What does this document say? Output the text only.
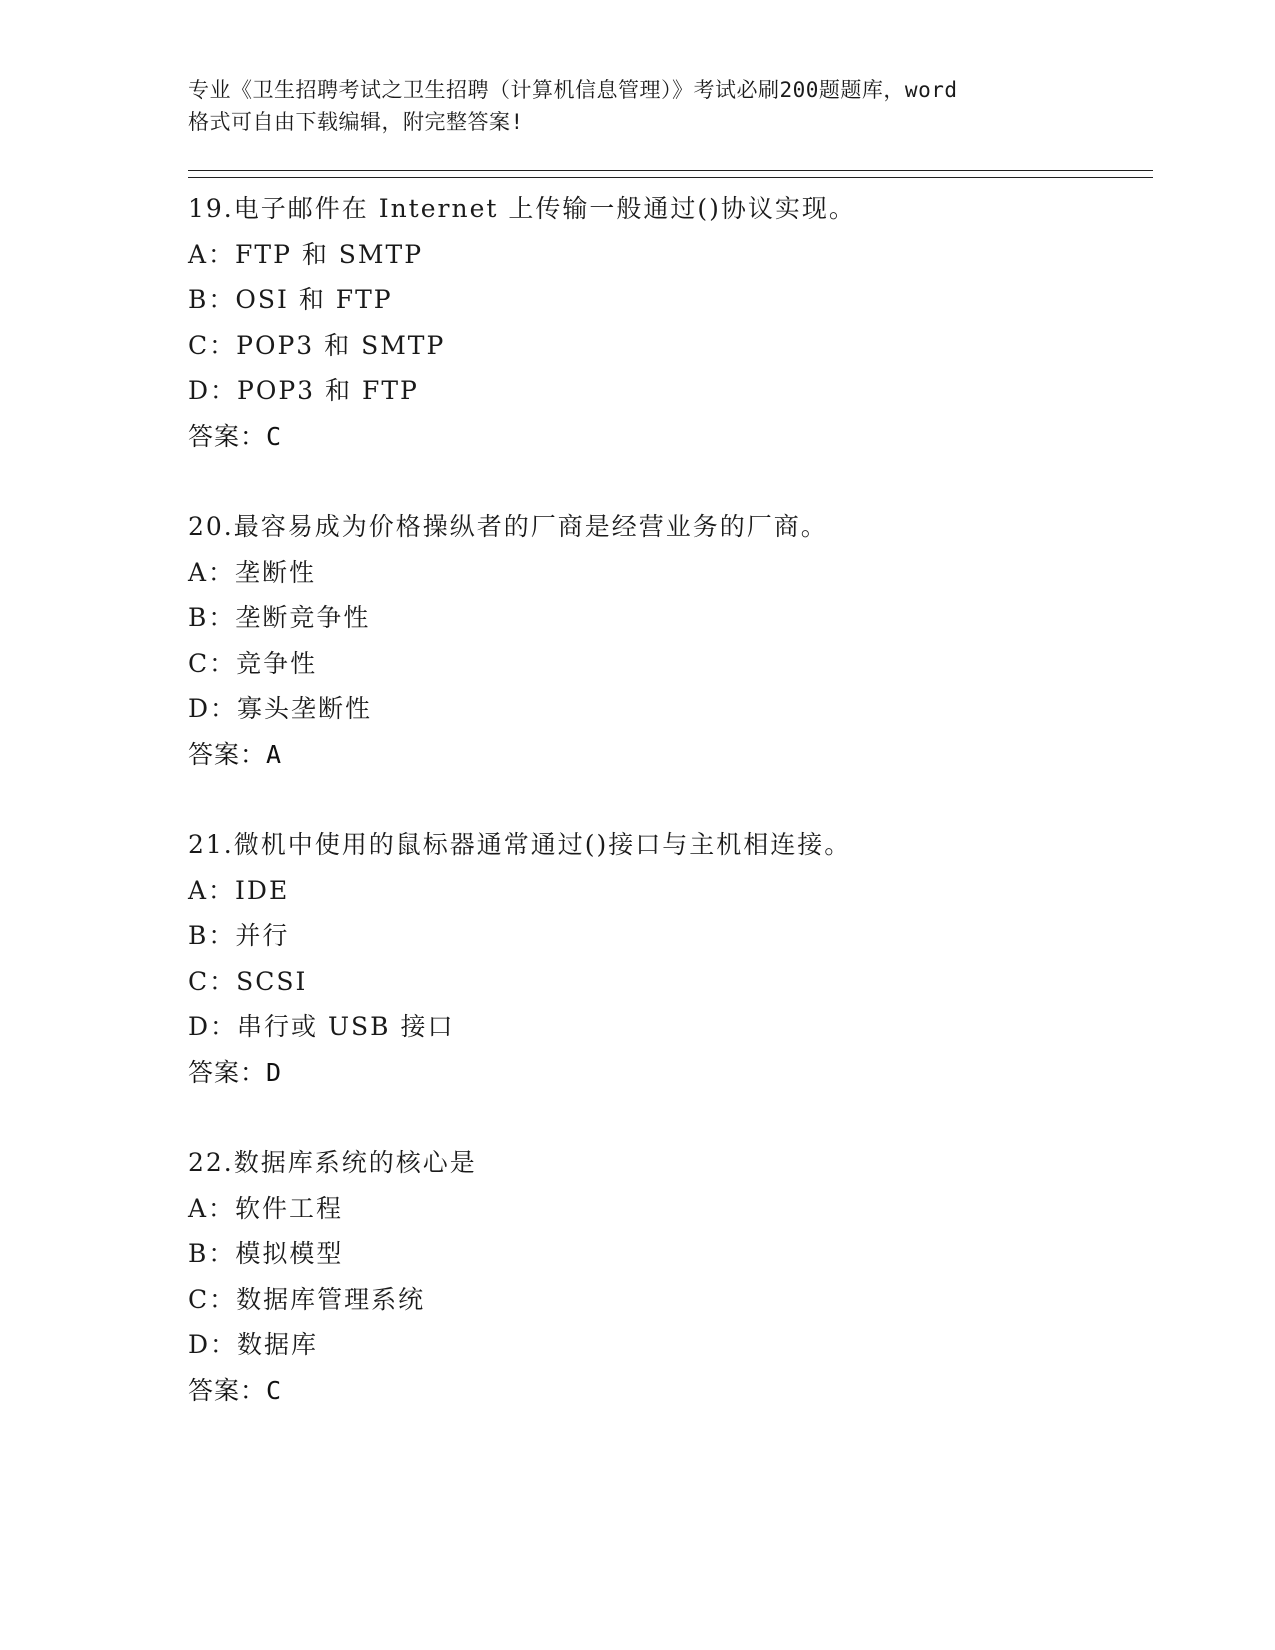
专业《卫生招聘考试之卫生招聘（计算机信息管理）》考试必刷200题题库，word
格式可自由下载编辑，附完整答案!
19.电子邮件在 Internet 上传输一般通过()协议实现。
A：FTP 和 SMTP
B：OSI 和 FTP
C：POP3 和 SMTP
D：POP3 和 FTP
答案：C
20.最容易成为价格操纵者的厂商是经营业务的厂商。
A：垄断性
B：垄断竞争性
C：竞争性
D：寡头垄断性
答案：A
21.微机中使用的鼠标器通常通过()接口与主机相连接。
A：IDE
B：并行
C：SCSI
D：串行或 USB 接口
答案：D
22.数据库系统的核心是
A：软件工程
B：模拟模型
C：数据库管理系统
D：数据库
答案：C
